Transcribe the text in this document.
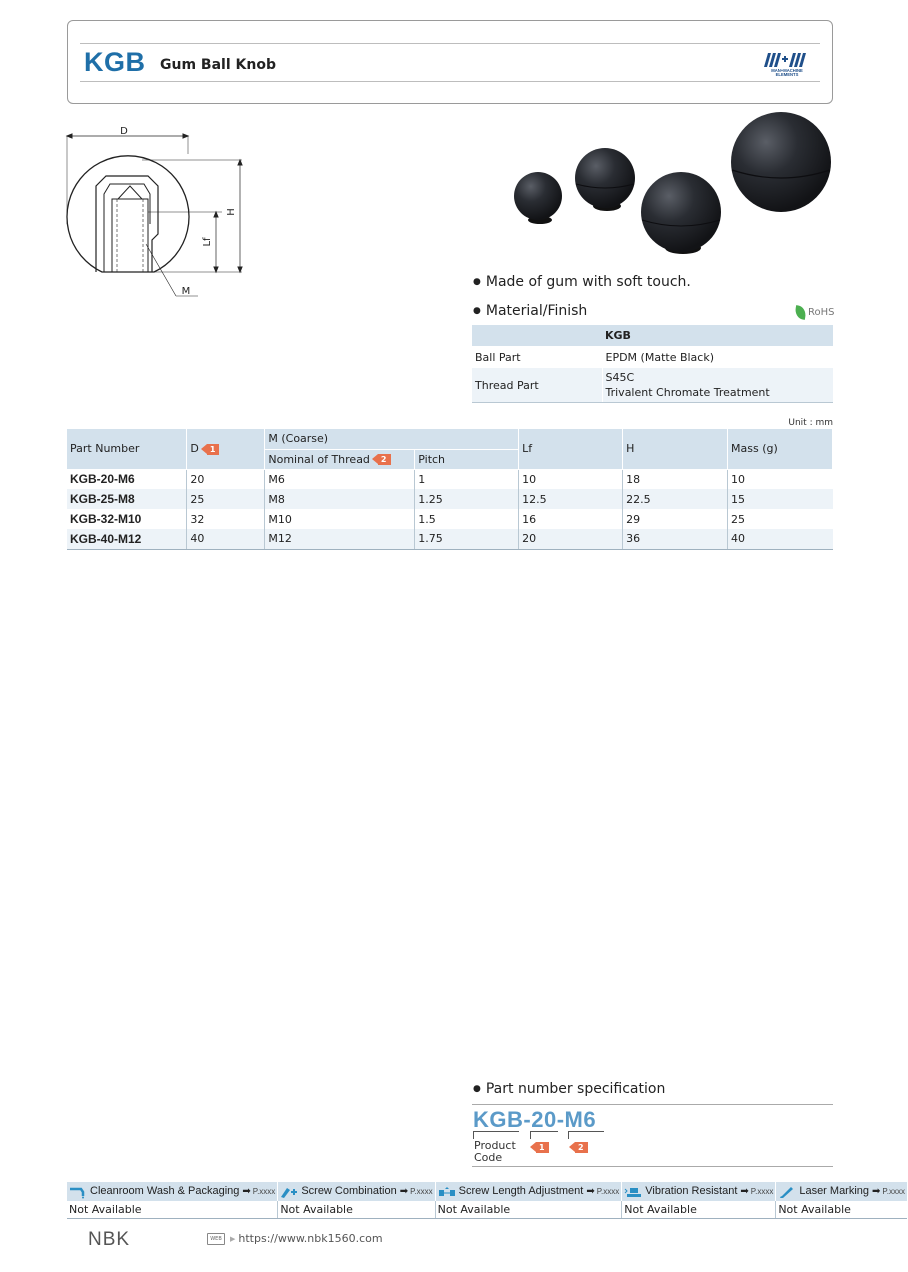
KGB Gum Ball Knob	MAN+MACHINE
ELEMENTS
D
H
Lf
M
● Made of gum with soft touch.
● Material/Finish	RoHS
	KGB
Ball Part	EPDM (Matte Black)
Thread Part	S45C
Trivalent Chromate Treatment
Unit : mm
Part Number	D 1	M (Coarse)		Lf	H	Mass (g)
		Nominal of Thread 2	Pitch			
KGB-20-M6	20	M6	1	10	18	10
KGB-25-M8	25	M8	1.25	12.5	22.5	15
KGB-32-M10	32	M10	1.5	16	29	25
KGB-40-M12	40	M12	1.75	20	36	40
● Part number specification
KGB-20-M6
Product
Code
1	2
Cleanroom Wash & Packaging ➡ P.xxxx	Screw Combination ➡ P.xxxx	Screw Length Adjustment ➡ P.xxxx	Vibration Resistant ➡ P.xxxx	Laser Marking ➡ P.xxxx
Not Available	Not Available	Not Available	Not Available	Not Available
NBK	WEB	▶ https://www.nbk1560.com
